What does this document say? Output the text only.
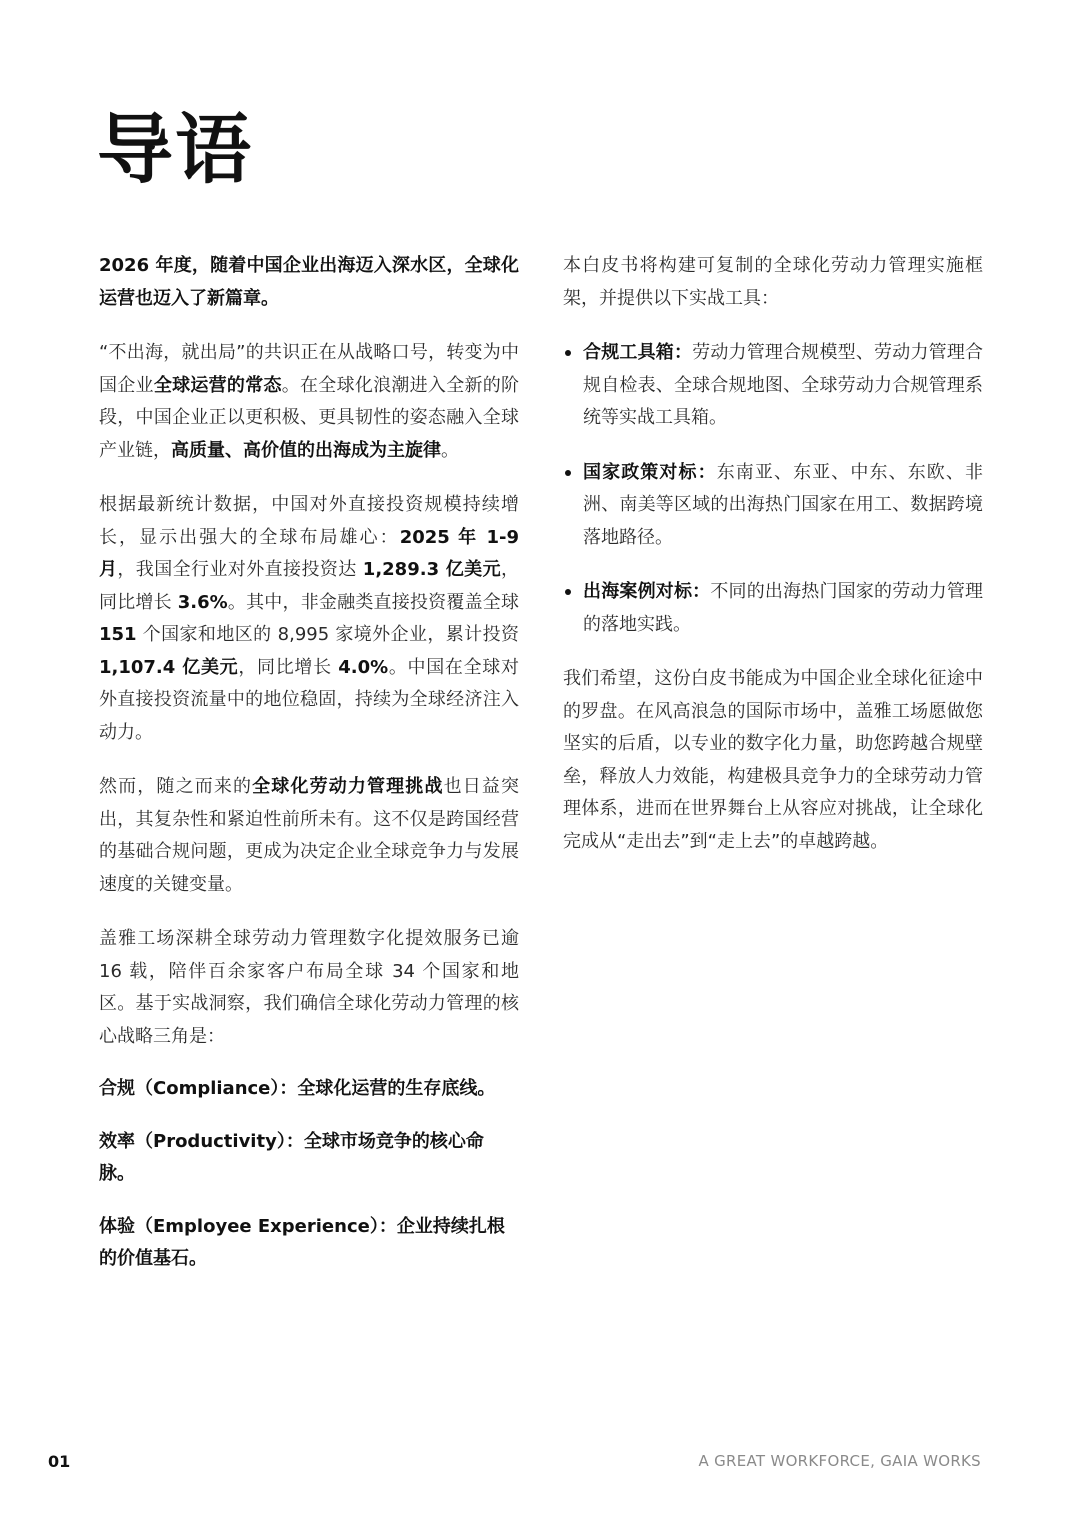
导语

2026 年度，随着中国企业出海迈入深水区，全球化运营也迈入了新篇章。

“不出海，就出局”的共识正在从战略口号，转变为中国企业全球运营的常态。在全球化浪潮进入全新的阶段，中国企业正以更积极、更具韧性的姿态融入全球产业链，高质量、高价值的出海成为主旋律。

根据最新统计数据，中国对外直接投资规模持续增长，显示出强大的全球布局雄心：2025 年 1-9 月，我国全行业对外直接投资达 1,289.3 亿美元，同比增长 3.6%。其中，非金融类直接投资覆盖全球 151 个国家和地区的 8,995 家境外企业，累计投资 1,107.4 亿美元，同比增长 4.0%。中国在全球对外直接投资流量中的地位稳固，持续为全球经济注入动力。

然而，随之而来的全球化劳动力管理挑战也日益突出，其复杂性和紧迫性前所未有。这不仅是跨国经营的基础合规问题，更成为决定企业全球竞争力与发展速度的关键变量。

盖雅工场深耕全球劳动力管理数字化提效服务已逾 16 载，陪伴百余家客户布局全球 34 个国家和地区。基于实战洞察，我们确信全球化劳动力管理的核心战略三角是：

合规（Compliance）：全球化运营的生存底线。
效率（Productivity）：全球市场竞争的核心命脉。
体验（Employee Experience）：企业持续扎根的价值基石。

本白皮书将构建可复制的全球化劳动力管理实施框架，并提供以下实战工具：

合规工具箱：劳动力管理合规模型、劳动力管理合规自检表、全球合规地图、全球劳动力合规管理系统等实战工具箱。
国家政策对标：东南亚、东亚、中东、东欧、非洲、南美等区域的出海热门国家在用工、数据跨境落地路径。
出海案例对标：不同的出海热门国家的劳动力管理的落地实践。

我们希望，这份白皮书能成为中国企业全球化征途中的罗盘。在风高浪急的国际市场中，盖雅工场愿做您坚实的后盾，以专业的数字化力量，助您跨越合规壁垒，释放人力效能，构建极具竞争力的全球劳动力管理体系，进而在世界舞台上从容应对挑战，让全球化完成从“走出去”到“走上去”的卓越跨越。

01	A GREAT WORKFORCE, GAIA WORKS
